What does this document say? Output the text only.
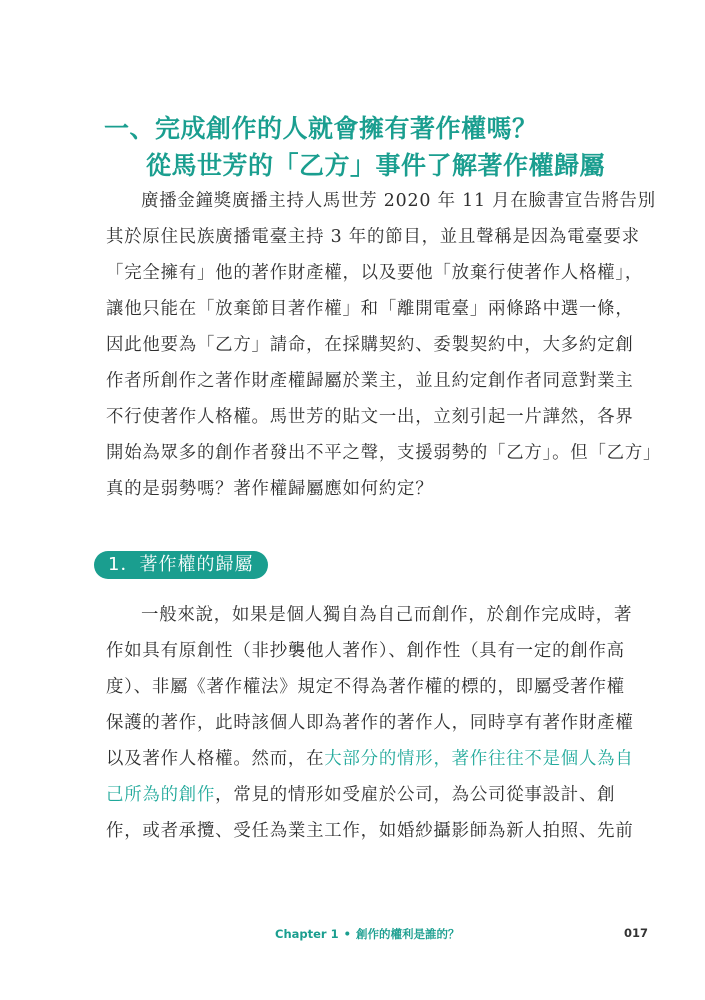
一、完成創作的人就會擁有著作權嗎？
從馬世芳的「乙方」事件了解著作權歸屬
廣播金鐘獎廣播主持人馬世芳 2020 年 11 月在臉書宣告將告別
其於原住民族廣播電臺主持 3 年的節目，並且聲稱是因為電臺要求
「完全擁有」他的著作財產權，以及要他「放棄行使著作人格權」，
讓他只能在「放棄節目著作權」和「離開電臺」兩條路中選一條，
因此他要為「乙方」請命，在採購契約、委製契約中，大多約定創
作者所創作之著作財產權歸屬於業主，並且約定創作者同意對業主
不行使著作人格權。馬世芳的貼文一出，立刻引起一片譁然，各界
開始為眾多的創作者發出不平之聲，支援弱勢的「乙方」。但「乙方」
真的是弱勢嗎？著作權歸屬應如何約定？
1．著作權的歸屬
一般來說，如果是個人獨自為自己而創作，於創作完成時，著
作如具有原創性（非抄襲他人著作）、創作性（具有一定的創作高
度）、非屬《著作權法》規定不得為著作權的標的，即屬受著作權
保護的著作，此時該個人即為著作的著作人，同時享有著作財產權
以及著作人格權。然而，在大部分的情形，著作往往不是個人為自
己所為的創作，常見的情形如受雇於公司，為公司從事設計、創
作，或者承攬、受任為業主工作，如婚紗攝影師為新人拍照、先前
Chapter 1 • 創作的權利是誰的？	017
